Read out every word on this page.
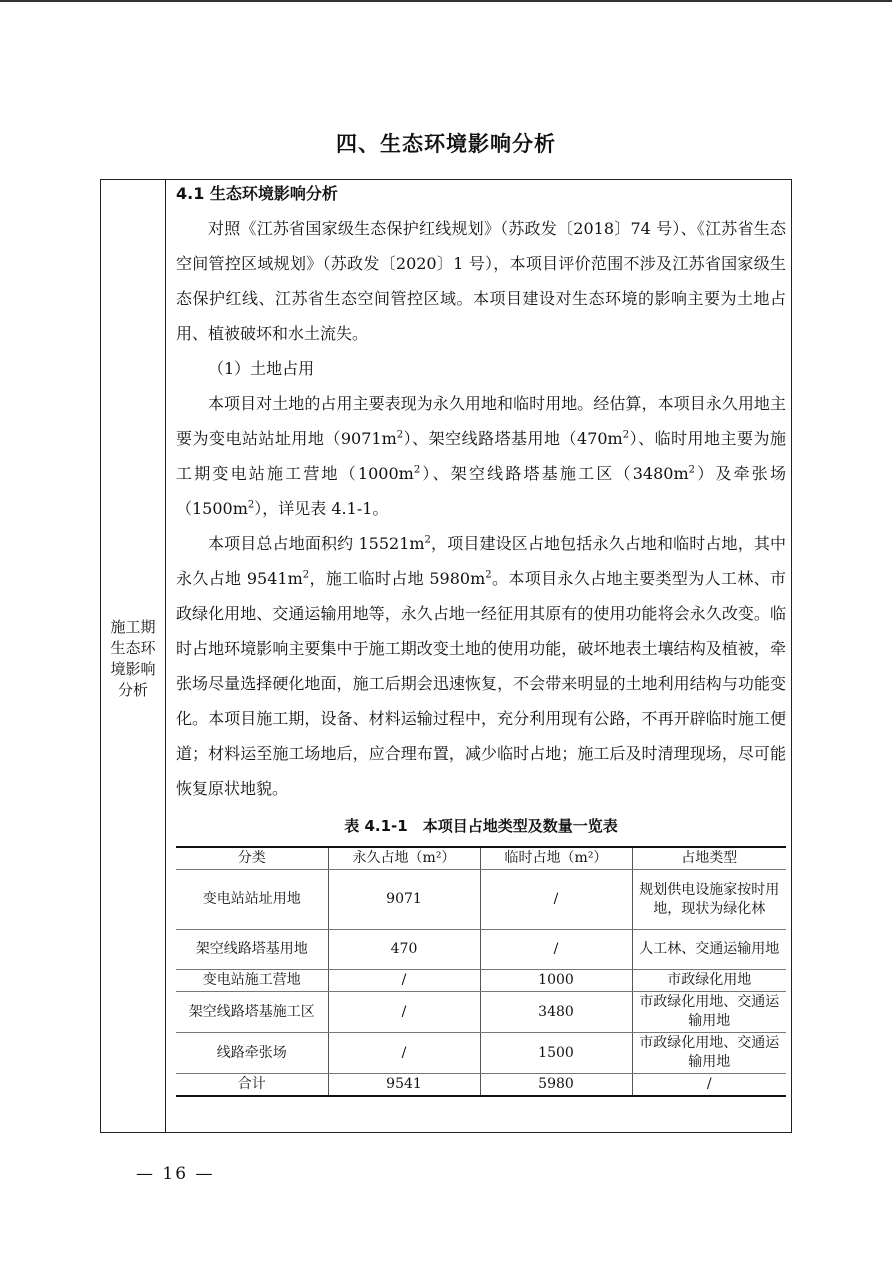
四、生态环境影响分析
施工期
生态环
境影响
分析
4.1 生态环境影响分析

对照《江苏省国家级生态保护红线规划》（苏政发〔2018〕74 号）、《江苏省生态空间管控区域规划》（苏政发〔2020〕1 号），本项目评价范围不涉及江苏省国家级生态保护红线、江苏省生态空间管控区域。本项目建设对生态环境的影响主要为土地占用、植被破坏和水土流失。

（1）土地占用

本项目对土地的占用主要表现为永久用地和临时用地。经估算，本项目永久用地主要为变电站站址用地$(9071m^2)$、架空线路塔基用地$(470m^2)$、临时用地主要为施工期变电站施工营地$(1000m^2)$、架空线路塔基施工区$(3480m^2)$及牵张场$(1500m^2)$，详见表 4.1-1。

本项目总占地面积约 $15521m^2$，项目建设区占地包括永久占地和临时占地，其中永久占地 $9541m^2$，施工临时占地 $5980m^2$。本项目永久占地主要类型为人工林、市政绿化用地、交通运输用地等，永久占地一经征用其原有的使用功能将会永久改变。临时占地环境影响主要集中于施工期改变土地的使用功能，破坏地表土壤结构及植被，牵张场尽量选择硬化地面，施工后期会迅速恢复，不会带来明显的土地利用结构与功能变化。本项目施工期，设备、材料运输过程中，充分利用现有公路，不再开辟临时施工便道；材料运至施工场地后，应合理布置，减少临时占地；施工后及时清理现场，尽可能恢复原状地貌。

表 4.1-1　本项目占地类型及数量一览表
分类	永久占地（m²）	临时占地（m²）	占地类型
变电站站址用地	9071	/	规划供电设施家按时用地，现状为绿化林
架空线路塔基用地	470	/	人工林、交通运输用地
变电站施工营地	/	1000	市政绿化用地
架空线路塔基施工区	/	3480	市政绿化用地、交通运输用地
线路牵张场	/	1500	市政绿化用地、交通运输用地
合计	9541	5980	/
— 16 —
